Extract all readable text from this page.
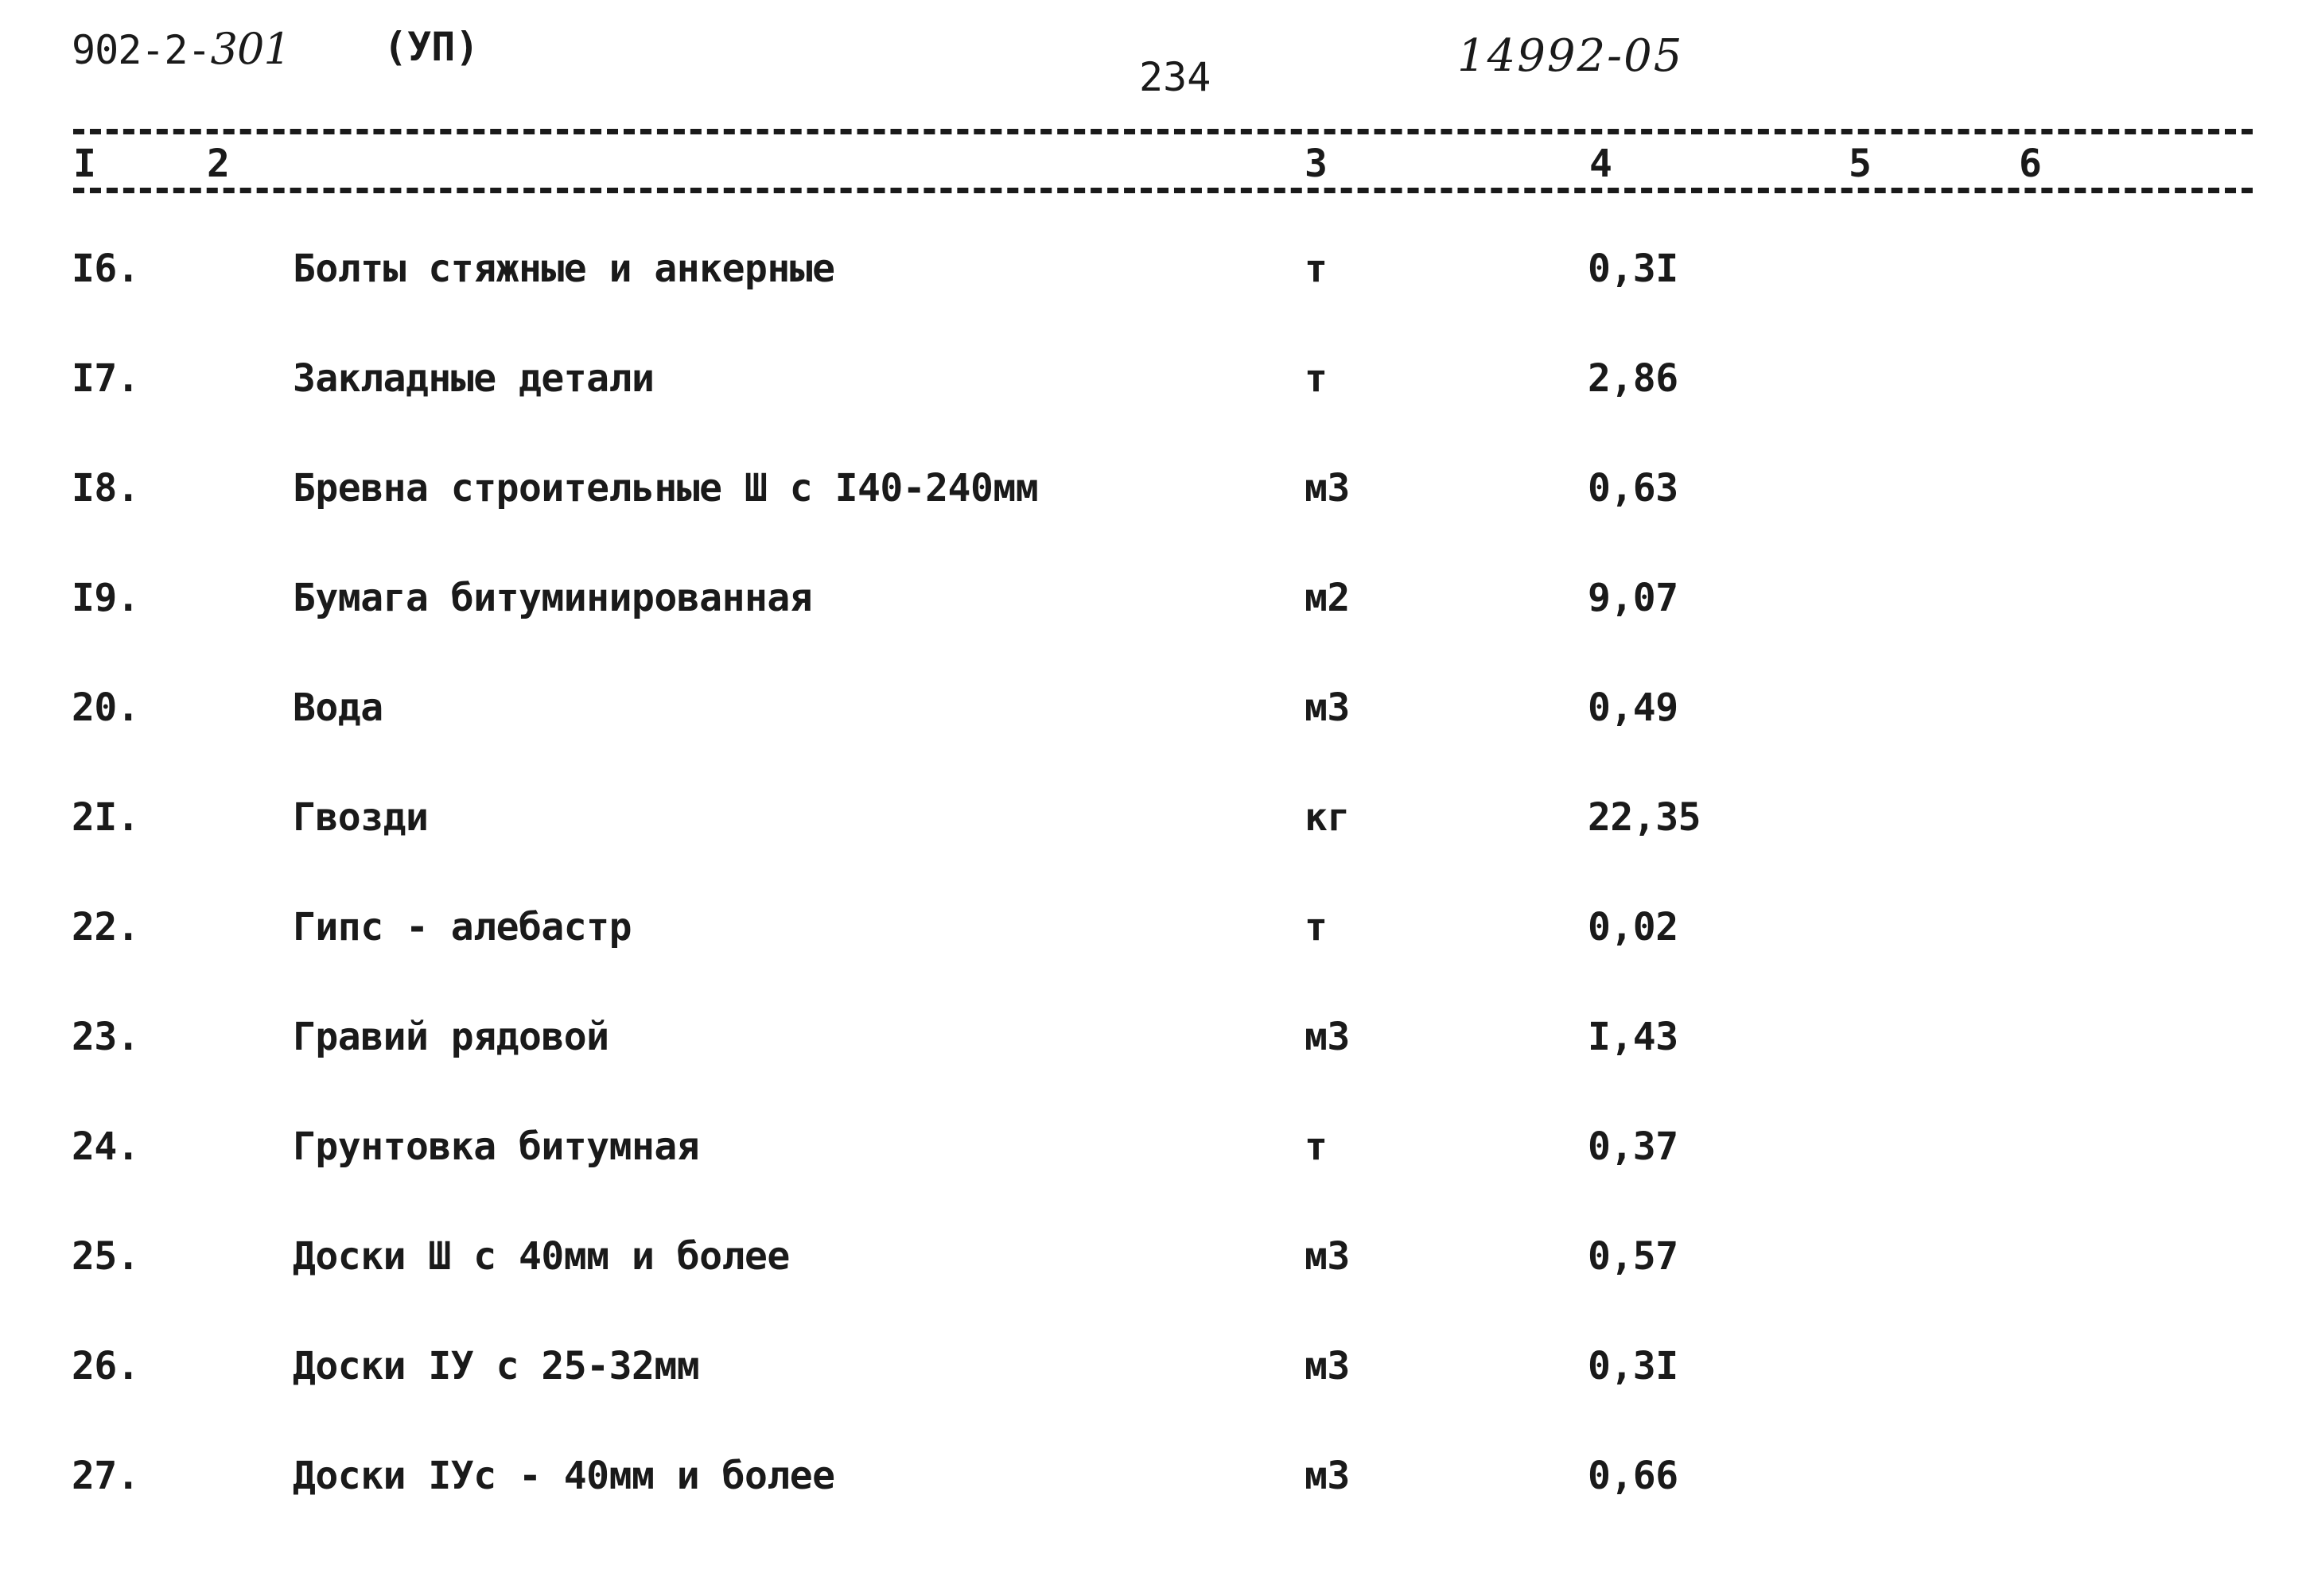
902-2-301 (УП)
234	14992-05
I	2	3	4	5	6
I6.	Болты стяжные и анкерные	т	0,3I
I7.	Закладные детали	т	2,86
I8.	Бревна строительные Ш с I40-240мм	м3	0,63
I9.	Бумага битуминированная	м2	9,07
20.	Вода	м3	0,49
2I.	Гвозди	кг	22,35
22.	Гипс - алебастр	т	0,02
23.	Гравий рядовой	м3	I,43
24.	Грунтовка битумная	т	0,37
25.	Доски Ш с 40мм и более	м3	0,57
26.	Доски IУ с 25-32мм	м3	0,3I
27.	Доски IУс - 40мм и более	м3	0,66
